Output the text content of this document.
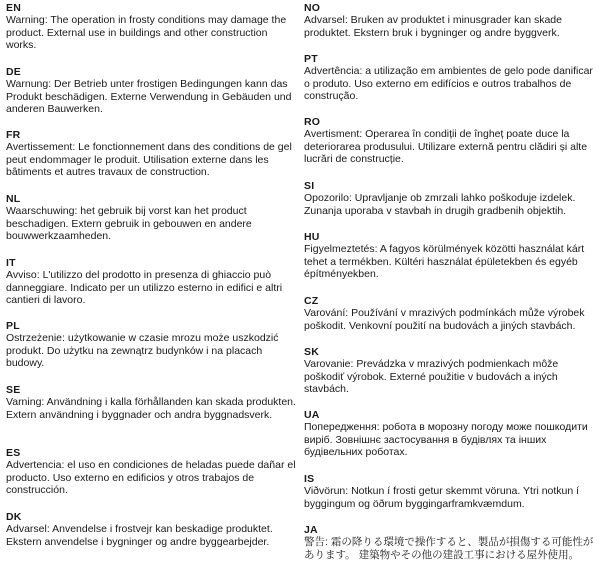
EN

Warning: The operation in frosty conditions may damage the product. External use in buildings and other construction works.

DE

Warnung: Der Betrieb unter frostigen Bedingungen kann das Produkt beschädigen. Externe Verwendung in Gebäuden und anderen Bauwerken.

FR

Avertissement: Le fonctionnement dans des conditions de gel peut endommager le produit. Utilisation externe dans les bâtiments et autres travaux de construction.

NL

Waarschuwing: het gebruik bij vorst kan het product beschadigen. Extern gebruik in gebouwen en andere bouwwerkzaamheden.

IT

Avviso: L'utilizzo del prodotto in presenza di ghiaccio può danneggiare. Indicato per un utilizzo esterno in edifici e altri cantieri di lavoro.

PL

Ostrzeżenie: użytkowanie w czasie mrozu może uszkodzić produkt. Do użytku na zewnątrz budynków i na placach budowy.

SE

Varning: Användning i kalla förhållanden kan skada produkten. Extern användning i byggnader och andra byggnadsverk.

ES

Advertencia: el uso en condiciones de heladas puede dañar el producto. Uso externo en edificios y otros trabajos de construcción.

DK

Advarsel: Anvendelse i frostvejr kan beskadige produktet. Ekstern anvendelse i bygninger og andre byggearbejder.

NO

Advarsel: Bruken av produktet i minusgrader kan skade produktet. Ekstern bruk i bygninger og andre byggverk.

PT

Advertência: a utilização em ambientes de gelo pode danificar o produto. Uso externo em edifícios e outros trabalhos de construção.

RO

Avertisment: Operarea în condiții de îngheț poate duce la deteriorarea produsului. Utilizare externă pentru clădiri și alte lucrări de construcție.

SI

Opozorilo: Upravljanje ob zmrzali lahko poškoduje izdelek. Zunanja uporaba v stavbah in drugih gradbenih objektih.

HU

Figyelmeztetés: A fagyos körülmények közötti használat kárt tehet a termékben. Kültéri használat épületekben és egyéb építményekben.

CZ

Varování: Používání v mrazivých podmínkách může výrobek poškodit. Venkovní použití na budovách a jiných stavbách.

SK

Varovanie: Prevádzka v mrazivých podmienkach môže poškodiť výrobok. Externé použitie v budovách a iných stavbách.

UA

Попередження: робота в морозну погоду може пошкодити виріб. Зовнішнє застосування в будівлях та інших будівельних роботах.

IS

Viðvörun: Notkun í frosti getur skemmt vöruna. Ytri notkun í byggingum og öðrum byggingarframkvæmdum.

JA

警告: 霜の降りる環境で操作すると、製品が損傷する可能性があります。 建築物やその他の建設工事における屋外使用。
